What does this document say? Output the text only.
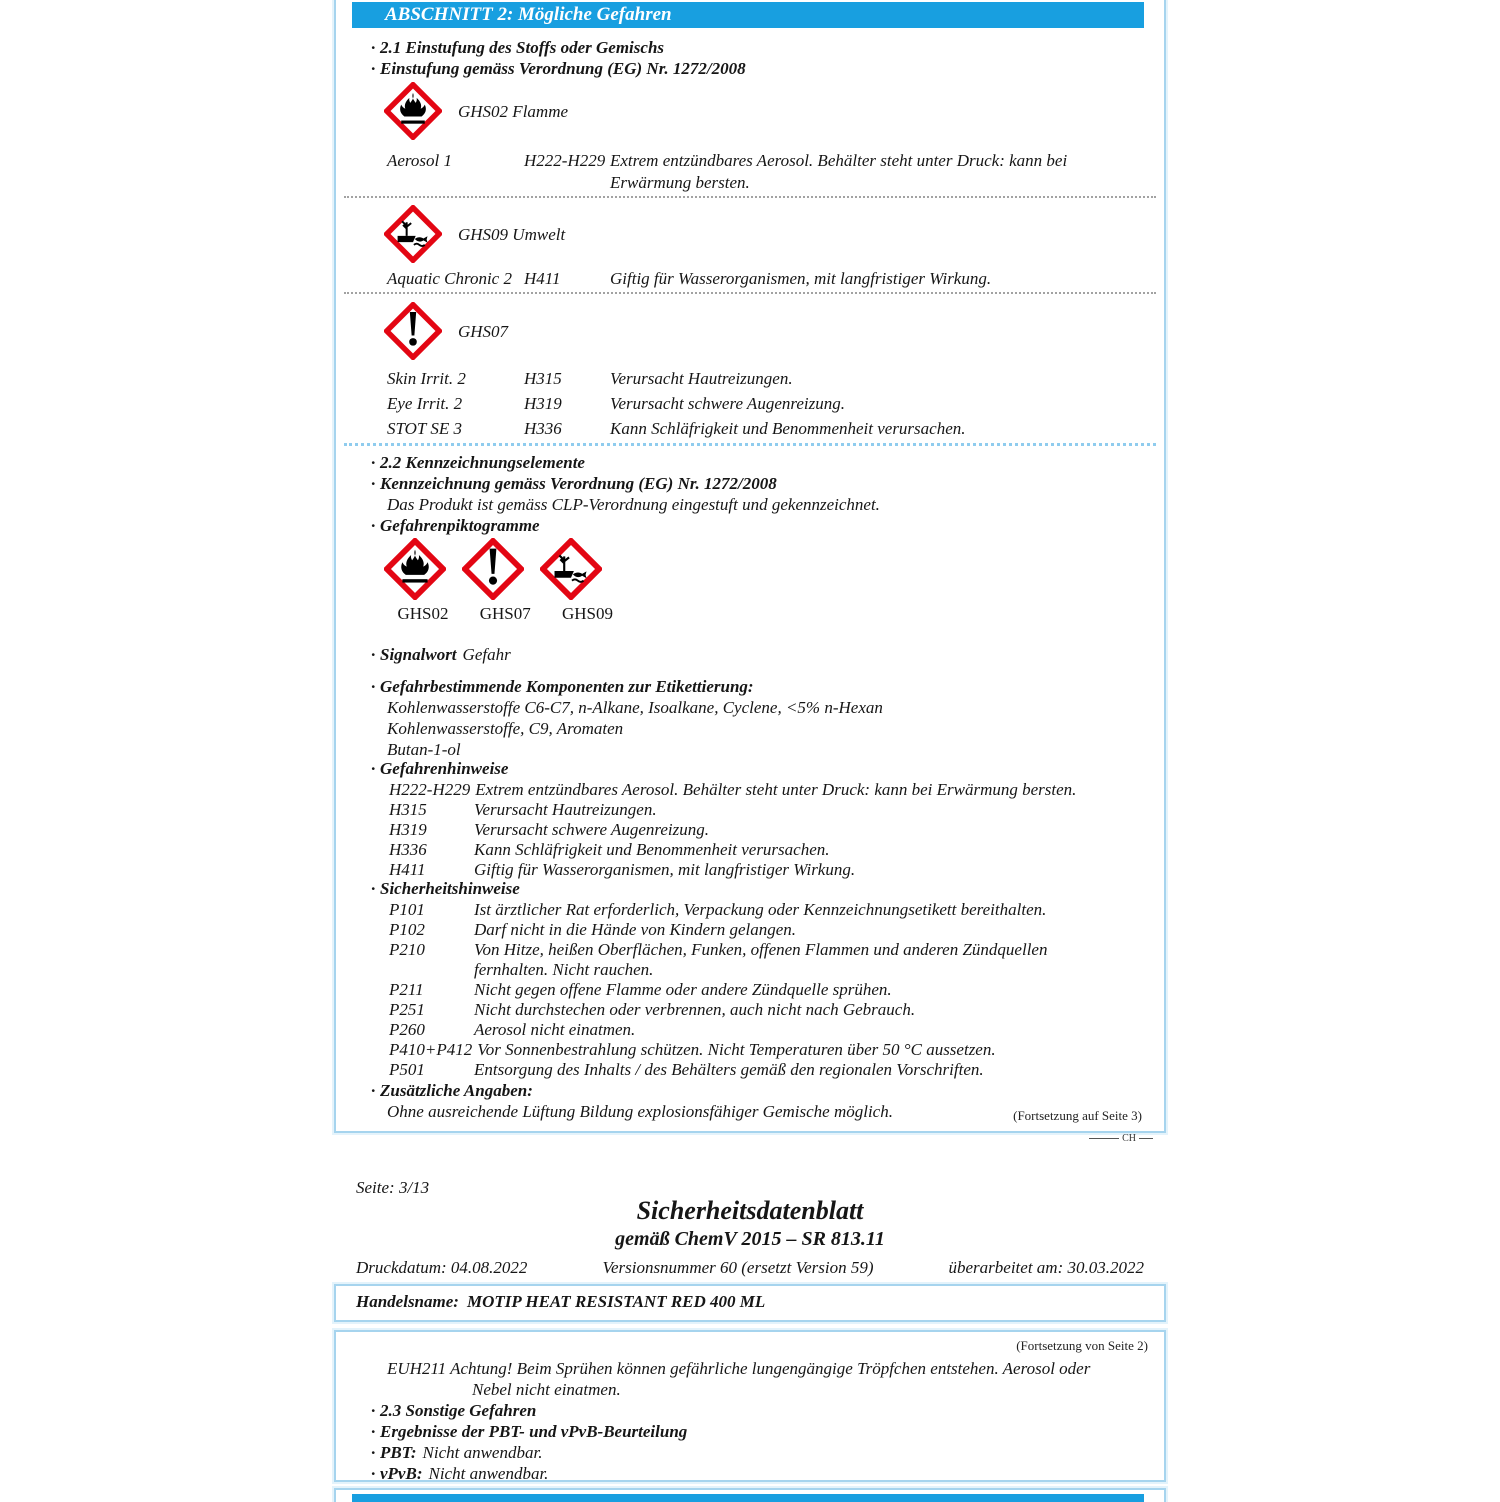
ABSCHNITT 2: Mögliche Gefahren
· 2.1 Einstufung des Stoffs oder Gemischs
· Einstufung gemäss Verordnung (EG) Nr. 1272/2008
GHS02 Flamme
Aerosol 1	H222-H229 Extrem entzündbares Aerosol. Behälter steht unter Druck: kann bei
Erwärmung bersten.
GHS09 Umwelt
Aquatic Chronic 2 H411	Giftig für Wasserorganismen, mit langfristiger Wirkung.
GHS07
Skin Irrit. 2	H315	Verursacht Hautreizungen.
Eye Irrit. 2	H319	Verursacht schwere Augenreizung.
STOT SE 3	H336	Kann Schläfrigkeit und Benommenheit verursachen.
· 2.2 Kennzeichnungselemente
· Kennzeichnung gemäss Verordnung (EG) Nr. 1272/2008
Das Produkt ist gemäss CLP-Verordnung eingestuft und gekennzeichnet.
· Gefahrenpiktogramme
GHS02 GHS07 GHS09
· Signalwort Gefahr
· Gefahrbestimmende Komponenten zur Etikettierung:
Kohlenwasserstoffe C6-C7, n-Alkane, Isoalkane, Cyclene, <5% n-Hexan
Kohlenwasserstoffe, C9, Aromaten
Butan-1-ol
· Gefahrenhinweise
H222-H229 Extrem entzündbares Aerosol. Behälter steht unter Druck: kann bei Erwärmung bersten.
H315	Verursacht Hautreizungen.
H319	Verursacht schwere Augenreizung.
H336	Kann Schläfrigkeit und Benommenheit verursachen.
H411	Giftig für Wasserorganismen, mit langfristiger Wirkung.
· Sicherheitshinweise
P101	Ist ärztlicher Rat erforderlich, Verpackung oder Kennzeichnungsetikett bereithalten.
P102	Darf nicht in die Hände von Kindern gelangen.
P210	Von Hitze, heißen Oberflächen, Funken, offenen Flammen und anderen Zündquellen
fernhalten. Nicht rauchen.
P211	Nicht gegen offene Flamme oder andere Zündquelle sprühen.
P251	Nicht durchstechen oder verbrennen, auch nicht nach Gebrauch.
P260	Aerosol nicht einatmen.
P410+P412 Vor Sonnenbestrahlung schützen. Nicht Temperaturen über 50 °C aussetzen.
P501	Entsorgung des Inhalts / des Behälters gemäß den regionalen Vorschriften.
· Zusätzliche Angaben:
Ohne ausreichende Lüftung Bildung explosionsfähiger Gemische möglich.	(Fortsetzung auf Seite 3)
CH
Seite: 3/13
Sicherheitsdatenblatt
gemäß ChemV 2015 – SR 813.11
Druckdatum: 04.08.2022	Versionsnummer 60 (ersetzt Version 59)	überarbeitet am: 30.03.2022
Handelsname: MOTIP HEAT RESISTANT RED 400 ML
(Fortsetzung von Seite 2)
EUH211 Achtung! Beim Sprühen können gefährliche lungengängige Tröpfchen entstehen. Aerosol oder
Nebel nicht einatmen.
· 2.3 Sonstige Gefahren
· Ergebnisse der PBT- und vPvB-Beurteilung
· PBT: Nicht anwendbar.
· vPvB: Nicht anwendbar.
